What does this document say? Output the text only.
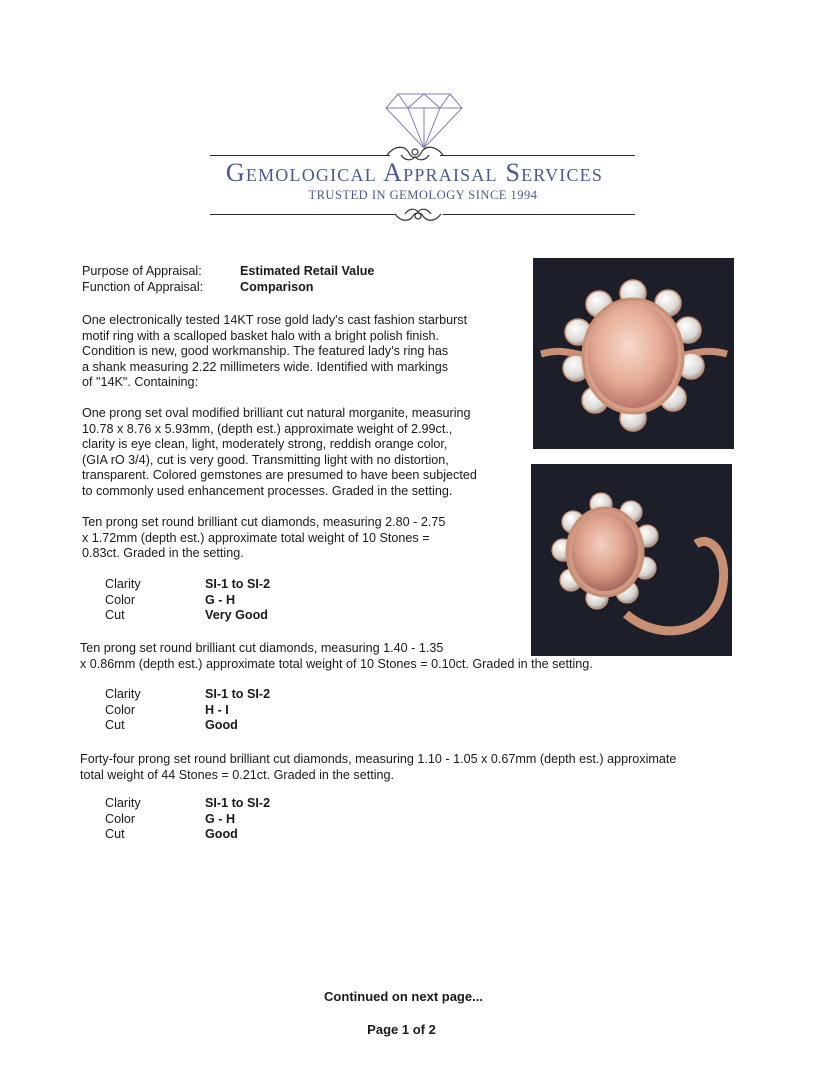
Gemological Appraisal Services
TRUSTED IN GEMOLOGY SINCE 1994
Purpose of Appraisal:	Estimated Retail Value
Function of Appraisal:	Comparison
One electronically tested 14KT rose gold lady's cast fashion starburst
motif ring with a scalloped basket halo with a bright polish finish.
Condition is new, good workmanship. The featured lady's ring has
a shank measuring 2.22 millimeters wide. Identified with markings
of "14K". Containing:
One prong set oval modified brilliant cut natural morganite, measuring
10.78 x 8.76 x 5.93mm, (depth est.) approximate weight of 2.99ct.,
clarity is eye clean, light, moderately strong, reddish orange color,
(GIA rO 3/4), cut is very good. Transmitting light with no distortion,
transparent. Colored gemstones are presumed to have been subjected
to commonly used enhancement processes. Graded in the setting.
Ten prong set round brilliant cut diamonds, measuring 2.80 - 2.75
x 1.72mm (depth est.) approximate total weight of 10 Stones =
0.83ct. Graded in the setting.
Clarity	SI-1 to SI-2
Color	G - H
Cut	Very Good
Ten prong set round brilliant cut diamonds, measuring 1.40 - 1.35
x 0.86mm (depth est.) approximate total weight of 10 Stones = 0.10ct. Graded in the setting.
Clarity	SI-1 to SI-2
Color	H - I
Cut	Good
Forty-four prong set round brilliant cut diamonds, measuring 1.10 - 1.05 x 0.67mm (depth est.) approximate
total weight of 44 Stones = 0.21ct. Graded in the setting.
Clarity	SI-1 to SI-2
Color	G - H
Cut	Good
Continued on next page...
Page 1 of 2
